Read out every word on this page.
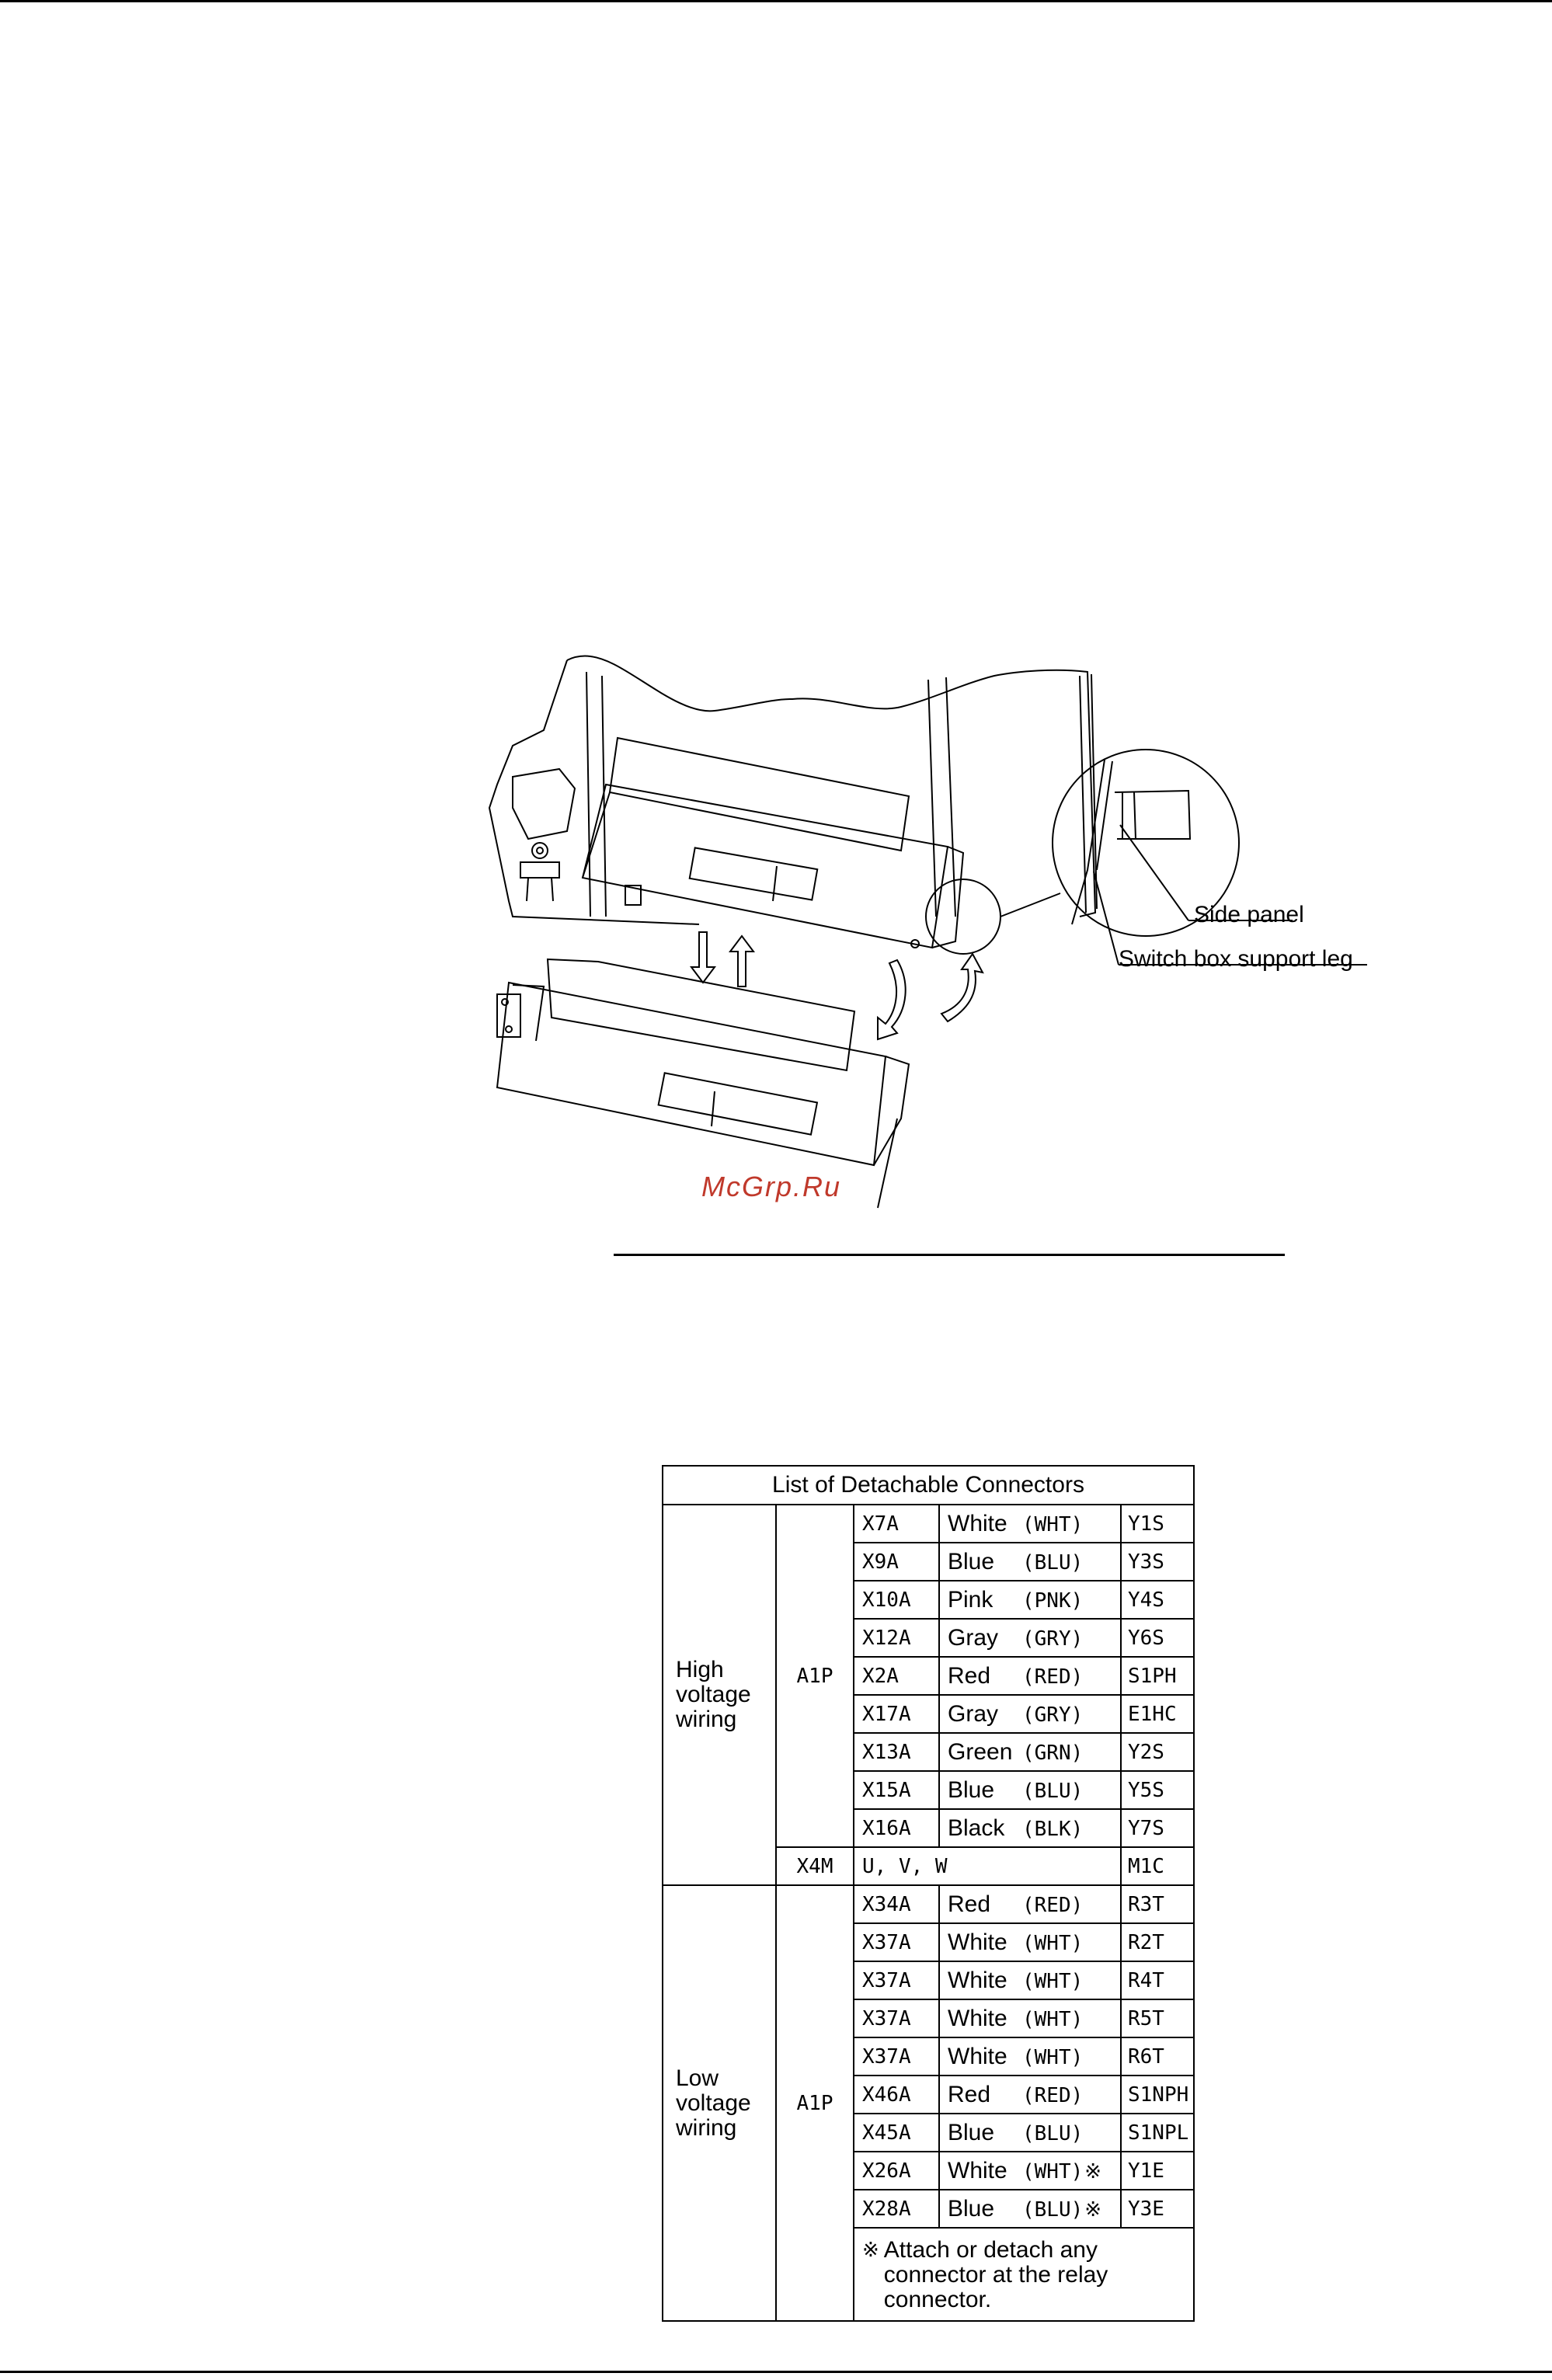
Side panel
Switch box support leg
McGrp.Ru
List of Detachable Connectors				

High
voltage
wiring	A1P	X7A	White (WHT)	Y1S
		X9A	Blue (BLU)	Y3S
		X10A	Pink (PNK)	Y4S
		X12A	Gray (GRY)	Y6S
		X2A	Red (RED)	S1PH
		X17A	Gray (GRY)	E1HC
		X13A	Green (GRN)	Y2S
		X15A	Blue (BLU)	Y5S
		X16A	Black (BLK)	Y7S
	X4M	U, V, W		M1C

Low
voltage
wiring	A1P	X34A	Red (RED)	R3T
		X37A	White (WHT)	R2T
		X37A	White (WHT)	R4T
		X37A	White (WHT)	R5T
		X37A	White (WHT)	R6T
		X46A	Red (RED)	S1NPH
		X45A	Blue (BLU)	S1NPL
		X26A	White (WHT)※	Y1E
		X28A	Blue (BLU)※	Y3E

		※ Attach or detach any connector at the relay connector.		
